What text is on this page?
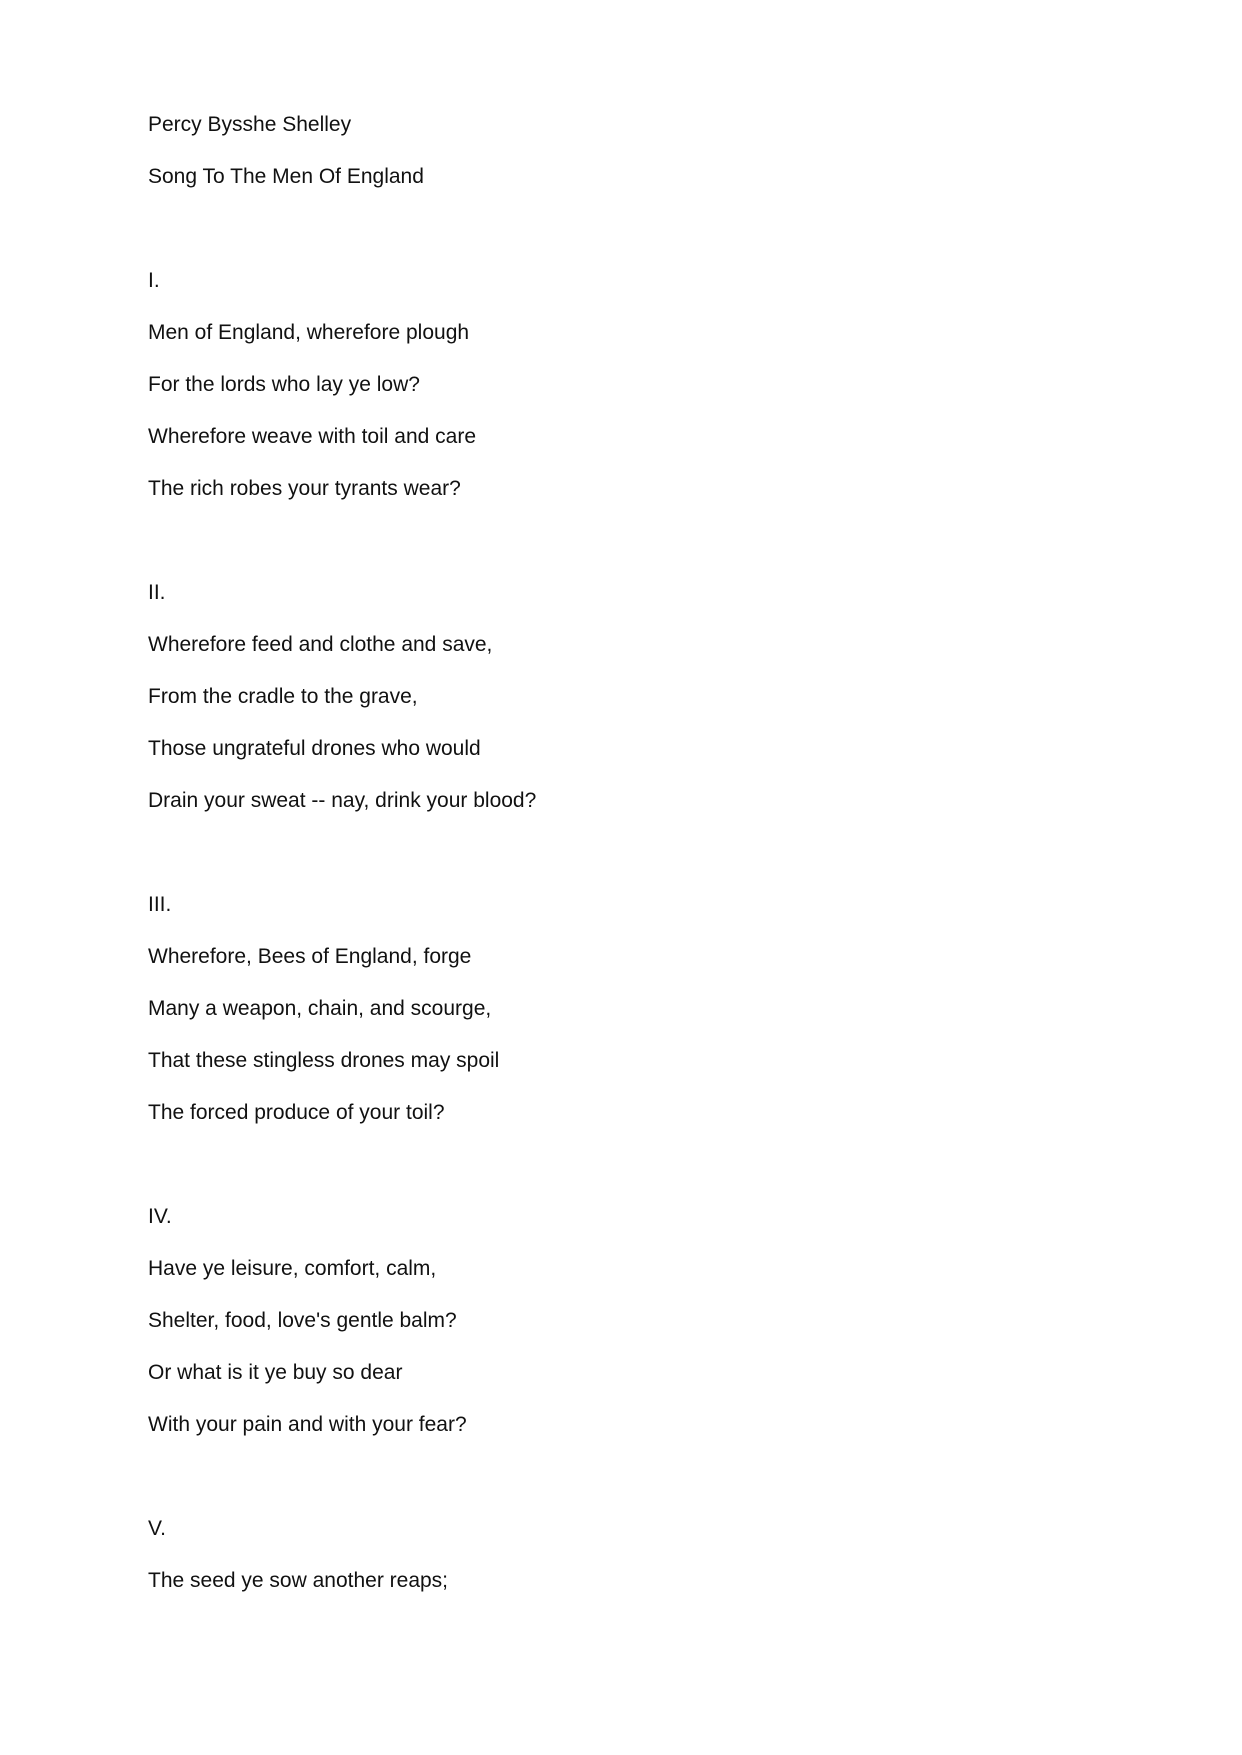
Percy Bysshe Shelley
Song To The Men Of England
I.
Men of England, wherefore plough
For the lords who lay ye low?
Wherefore weave with toil and care
The rich robes your tyrants wear?
II.
Wherefore feed and clothe and save,
From the cradle to the grave,
Those ungrateful drones who would
Drain your sweat -- nay, drink your blood?
III.
Wherefore, Bees of England, forge
Many a weapon, chain, and scourge,
That these stingless drones may spoil
The forced produce of your toil?
IV.
Have ye leisure, comfort, calm,
Shelter, food, love's gentle balm?
Or what is it ye buy so dear
With your pain and with your fear?
V.
The seed ye sow another reaps;
